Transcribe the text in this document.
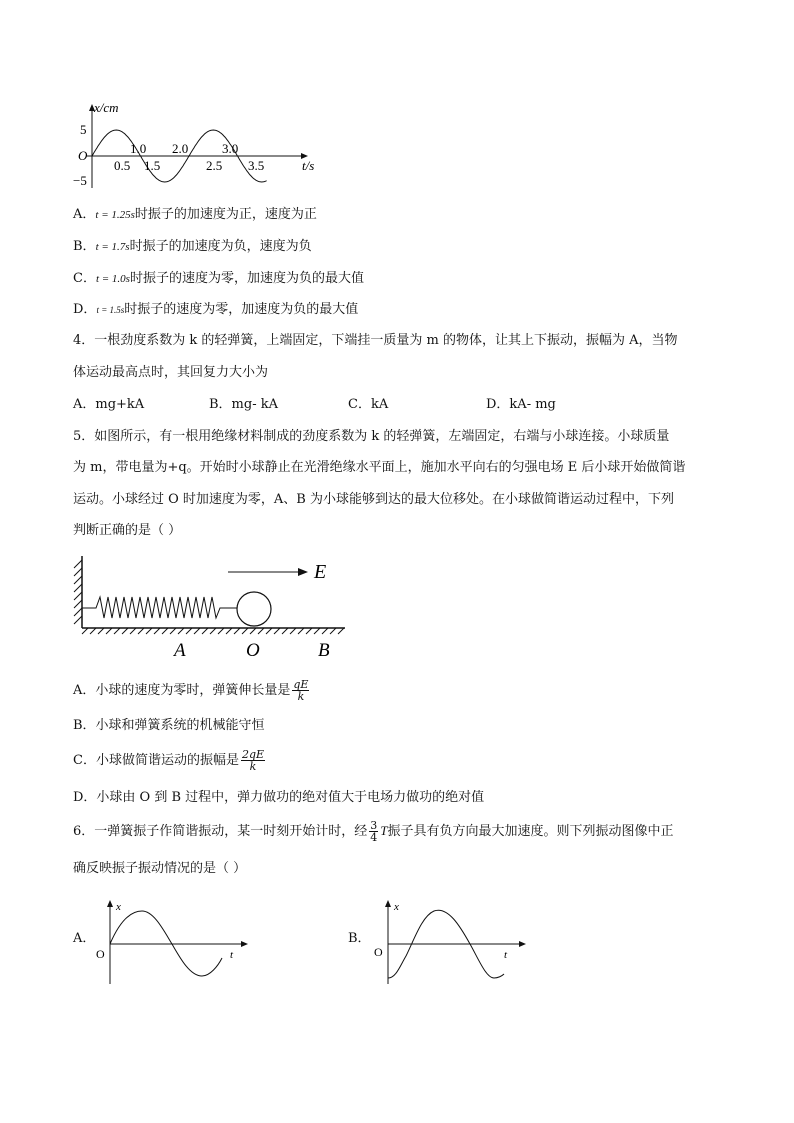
5
−5
O
x/cm
t/s
1.0 2.0	3.0
0.5 1.5	2.5 3.5
A．t = 1.25s时振子的加速度为正，速度为正
B．t = 1.7s时振子的加速度为负，速度为负
C．t = 1.0s时振子的速度为零，加速度为负的最大值
D．t = 1.5s时振子的速度为零，加速度为负的最大值
4．一根劲度系数为 k 的轻弹簧，上端固定，下端挂一质量为 m 的物体，让其上下振动，振幅为 A，当物
体运动最高点时，其回复力大小为
A．mg+kA	B．mg- kA	C．kA	D．kA- mg
5．如图所示，有一根用绝缘材料制成的劲度系数为 k 的轻弹簧，左端固定，右端与小球连接。小球质量
为 m，带电量为+q。开始时小球静止在光滑绝缘水平面上，施加水平向右的匀强电场 E 后小球开始做简谐
运动。小球经过 O 时加速度为零，A、B 为小球能够到达的最大位移处。在小球做简谐运动过程中，下列
判断正确的是（ ）
E
A	O	B
A．小球的速度为零时，弹簧伸长量是 $\frac{qE}{k}$
B．小球和弹簧系统的机械能守恒
C．小球做简谐运动的振幅是 $\frac{2qE}{k}$
D．小球由 O 到 B 过程中，弹力做功的绝对值大于电场力做功的绝对值
6．一弹簧振子作简谐振动，某一时刻开始计时，经 $\frac{3}{4}$ T振子具有负方向最大加速度。则下列振动图像中正
确反映振子振动情况的是（ ）
A．
x
t
O
B．
x
t
O
